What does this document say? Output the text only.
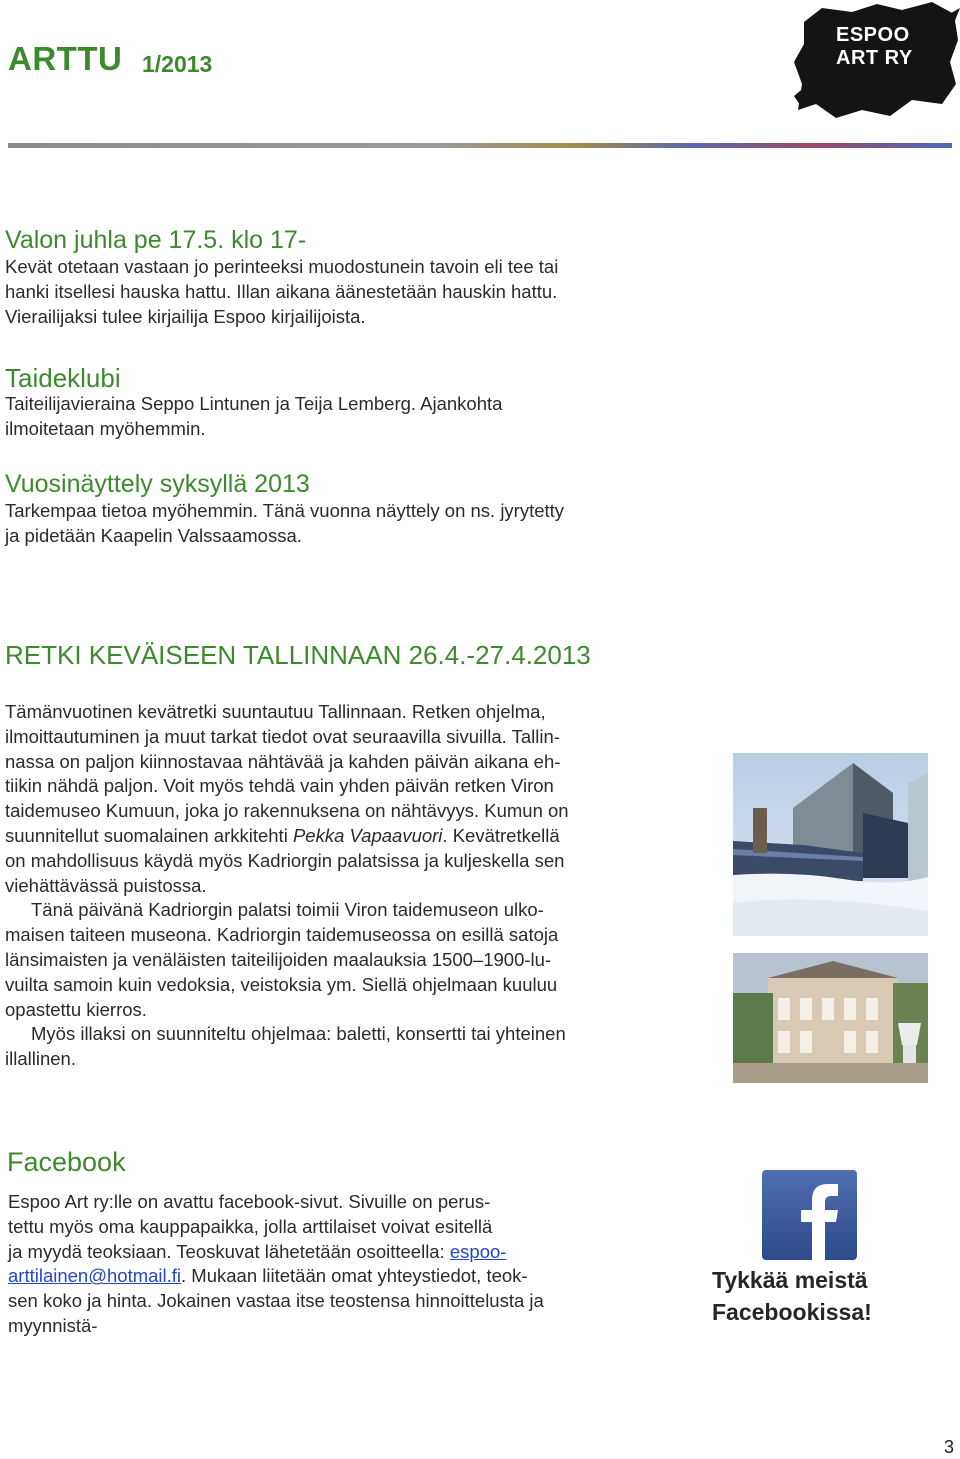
ARTTU 1/2013
ESPOO
ART RY
Valon juhla pe 17.5. klo 17-
Kevät otetaan vastaan jo perinteeksi muodostunein tavoin eli tee tai
hanki itsellesi hauska hattu. Illan aikana äänestetään hauskin hattu.
Vierailijaksi tulee kirjailija Espoo kirjailijoista.
Taideklubi
Taiteilijavieraina Seppo Lintunen ja Teija Lemberg. Ajankohta
ilmoitetaan myöhemmin.
Vuosinäyttely syksyllä 2013
Tarkempaa tietoa myöhemmin. Tänä vuonna näyttely on ns. jyrytetty
ja pidetään Kaapelin Valssaamossa.
RETKI KEVÄISEEN TALLINNAAN 26.4.-27.4.2013
Tämänvuotinen kevätretki suuntautuu Tallinnaan. Retken ohjelma,
ilmoittautuminen ja muut tarkat tiedot ovat seuraavilla sivuilla. Tallin-
nassa on paljon kiinnostavaa nähtävää ja kahden päivän aikana eh-
tiikin nähdä paljon. Voit myös tehdä vain yhden päivän retken Viron
taidemuseo Kumuun, joka jo rakennuksena on nähtävyys. Kumun on
suunnitellut suomalainen arkkitehti Pekka Vapaavuori. Kevätretkellä
on mahdollisuus käydä myös Kadriorgin palatsissa ja kuljeskella sen
viehättävässä puistossa.
Tänä päivänä Kadriorgin palatsi toimii Viron taidemuseon ulko-
maisen taiteen museona. Kadriorgin taidemuseossa on esillä satoja
länsimaisten ja venäläisten taiteilijoiden maalauksia 1500–1900-lu-
vuilta samoin kuin vedoksia, veistoksia ym. Siellä ohjelmaan kuuluu
opastettu kierros.
Myös illaksi on suunniteltu ohjelmaa: baletti, konsertti tai yhteinen
illallinen.
Facebook
Espoo Art ry:lle on avattu facebook-sivut. Sivuille on perus-
tettu myös oma kauppapaikka, jolla arttilaiset voivat esitellä
ja myydä teoksiaan. Teoskuvat lähetetään osoitteella: espoo-
arttilainen@hotmail.fi. Mukaan liitetään omat yhteystiedot, teok-
sen koko ja hinta. Jokainen vastaa itse teostensa hinnoittelusta ja
myynnistä-
Tykkää meistä
Facebookissa!
3
